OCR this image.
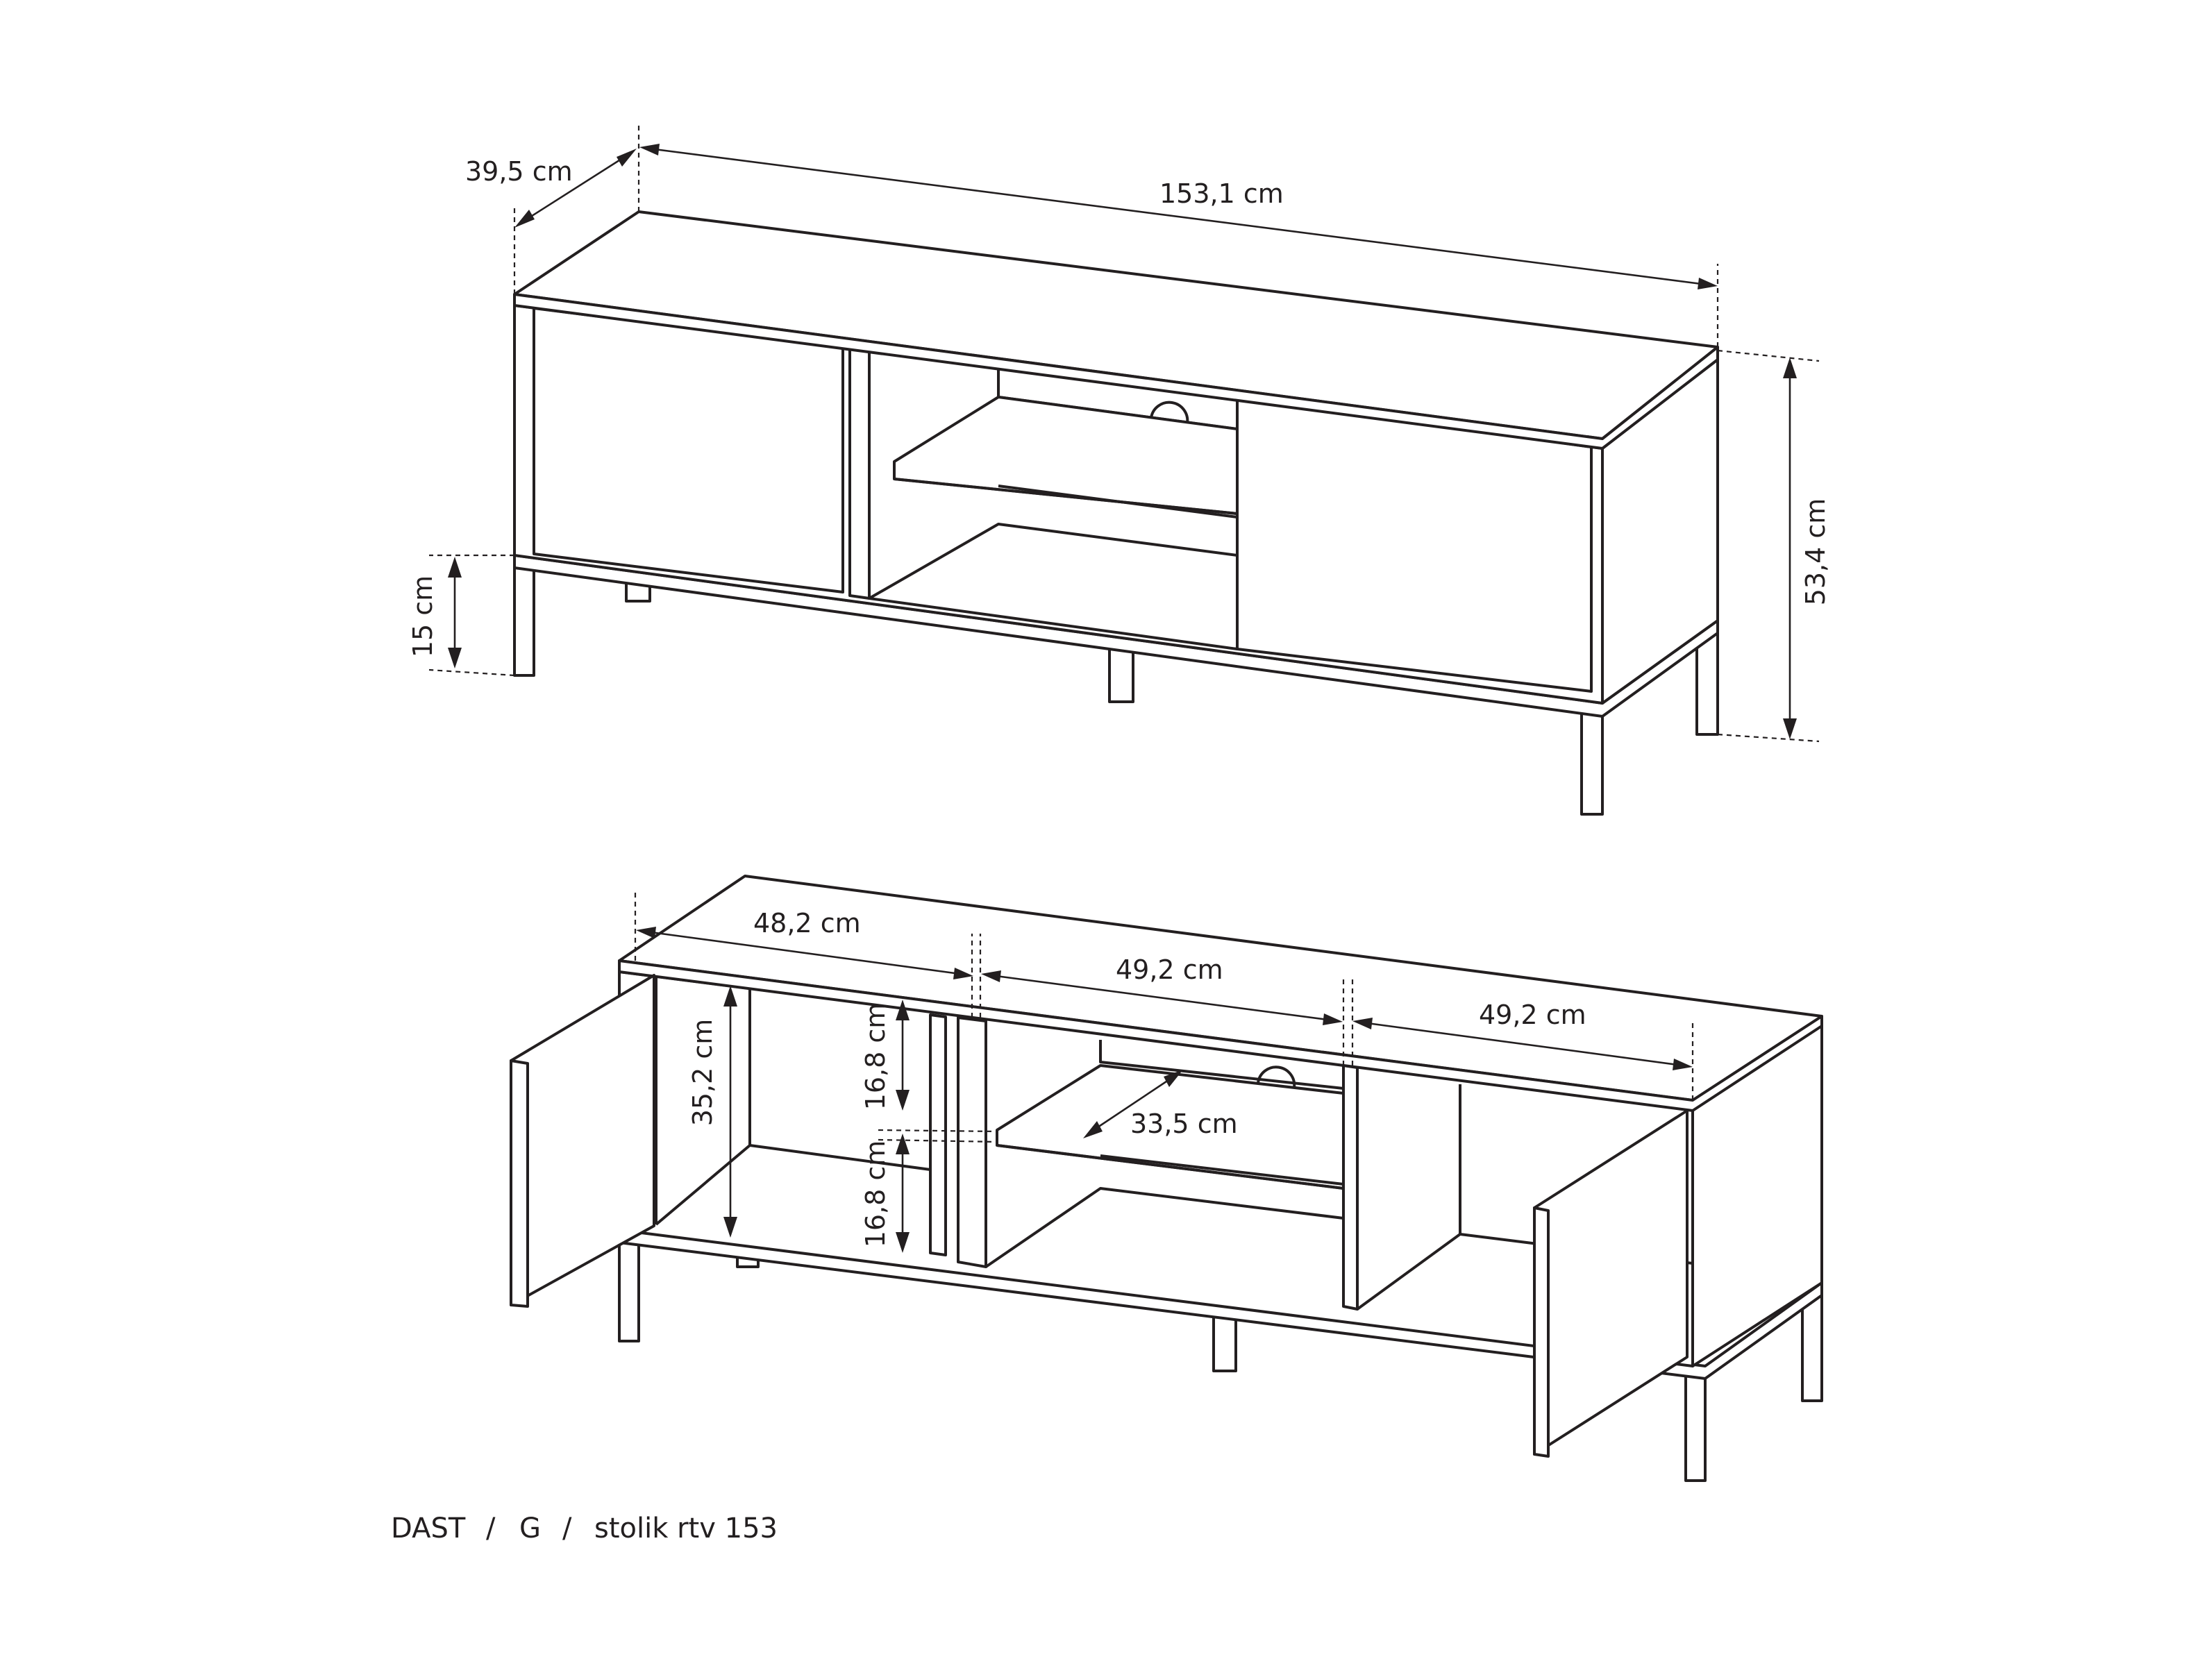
39,5 cm
153,1 cm
53,4 cm
15 cm
48,2 cm
49,2 cm
49,2 cm
35,2 cm	16,8 cm
16,8 cm
33,5 cm
DAST / G / stolik rtv 153
